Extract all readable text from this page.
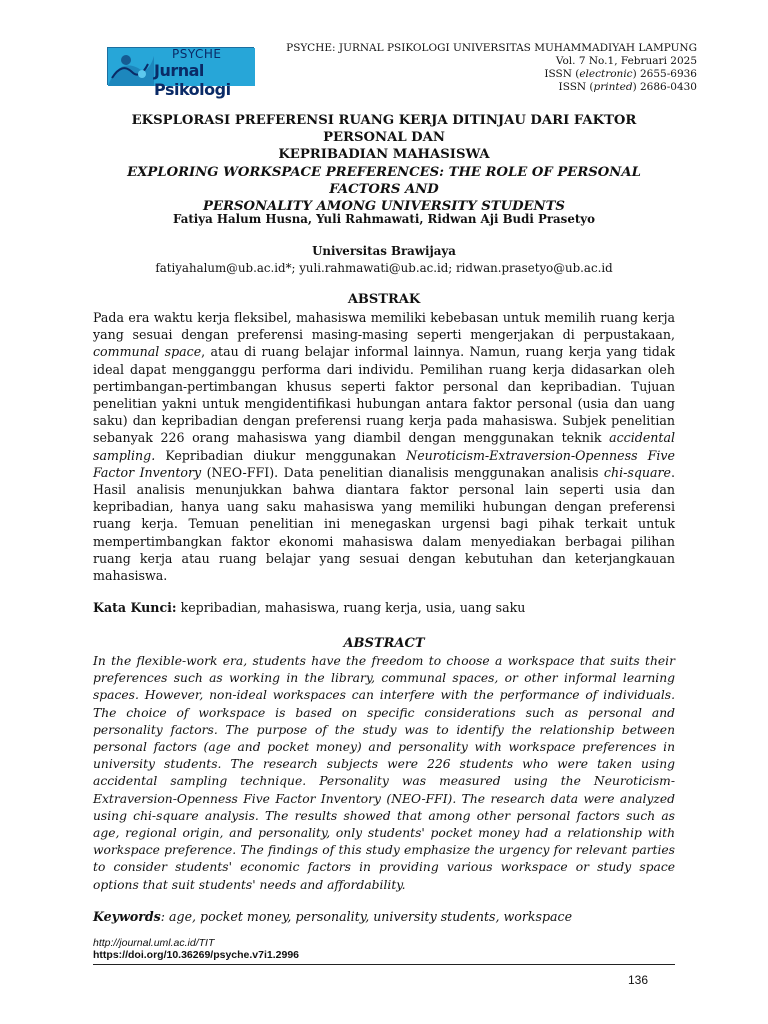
PSYCHE
Jurnal Psikologi
PSYCHE: JURNAL PSIKOLOGI UNIVERSITAS MUHAMMADIYAH LAMPUNG
Vol. 7 No.1, Februari 2025
ISSN (electronic) 2655-6936
ISSN (printed) 2686-0430
EKSPLORASI PREFERENSI RUANG KERJA DITINJAU DARI FAKTOR PERSONAL DAN
KEPRIBADIAN MAHASISWA
EXPLORING WORKSPACE PREFERENCES: THE ROLE OF PERSONAL FACTORS AND
PERSONALITY AMONG UNIVERSITY STUDENTS
Fatiya Halum Husna, Yuli Rahmawati, Ridwan Aji Budi Prasetyo
Universitas Brawijaya
fatiyahalum@ub.ac.id*; yuli.rahmawati@ub.ac.id; ridwan.prasetyo@ub.ac.id
ABSTRAK

Pada era waktu kerja fleksibel, mahasiswa memiliki kebebasan untuk memilih ruang kerja yang sesuai dengan preferensi masing-masing seperti mengerjakan di perpustakaan, communal space, atau di ruang belajar informal lainnya. Namun, ruang kerja yang tidak ideal dapat mengganggu performa dari individu. Pemilihan ruang kerja didasarkan oleh pertimbangan-pertimbangan khusus seperti faktor personal dan kepribadian. Tujuan penelitian yakni untuk mengidentifikasi hubungan antara faktor personal (usia dan uang saku) dan kepribadian dengan preferensi ruang kerja pada mahasiswa. Subjek penelitian sebanyak 226 orang mahasiswa yang diambil dengan menggunakan teknik accidental sampling. Kepribadian diukur menggunakan Neuroticism-Extraversion-Openness Five Factor Inventory (NEO-FFI). Data penelitian dianalisis menggunakan analisis chi-square. Hasil analisis menunjukkan bahwa diantara faktor personal lain seperti usia dan kepribadian, hanya uang saku mahasiswa yang memiliki hubungan dengan preferensi ruang kerja. Temuan penelitian ini menegaskan urgensi bagi pihak terkait untuk mempertimbangkan faktor ekonomi mahasiswa dalam menyediakan berbagai pilihan ruang kerja atau ruang belajar yang sesuai dengan kebutuhan dan keterjangkauan mahasiswa.

Kata Kunci: kepribadian, mahasiswa, ruang kerja, usia, uang saku
ABSTRACT

In the flexible-work era, students have the freedom to choose a workspace that suits their preferences such as working in the library, communal spaces, or other informal learning spaces. However, non-ideal workspaces can interfere with the performance of individuals. The choice of workspace is based on specific considerations such as personal and personality factors. The purpose of the study was to identify the relationship between personal factors (age and pocket money) and personality with workspace preferences in university students. The research subjects were 226 students who were taken using accidental sampling technique. Personality was measured using the Neuroticism-Extraversion-Openness Five Factor Inventory (NEO-FFI). The research data were analyzed using chi-square analysis. The results showed that among other personal factors such as age, regional origin, and personality, only students' pocket money had a relationship with workspace preference. The findings of this study emphasize the urgency for relevant parties to consider students' economic factors in providing various workspace or study space options that suit students' needs and affordability.

Keywords: age, pocket money, personality, university students, workspace
http://journal.uml.ac.id/TIT
https://doi.org/10.36269/psyche.v7i1.2996
136
